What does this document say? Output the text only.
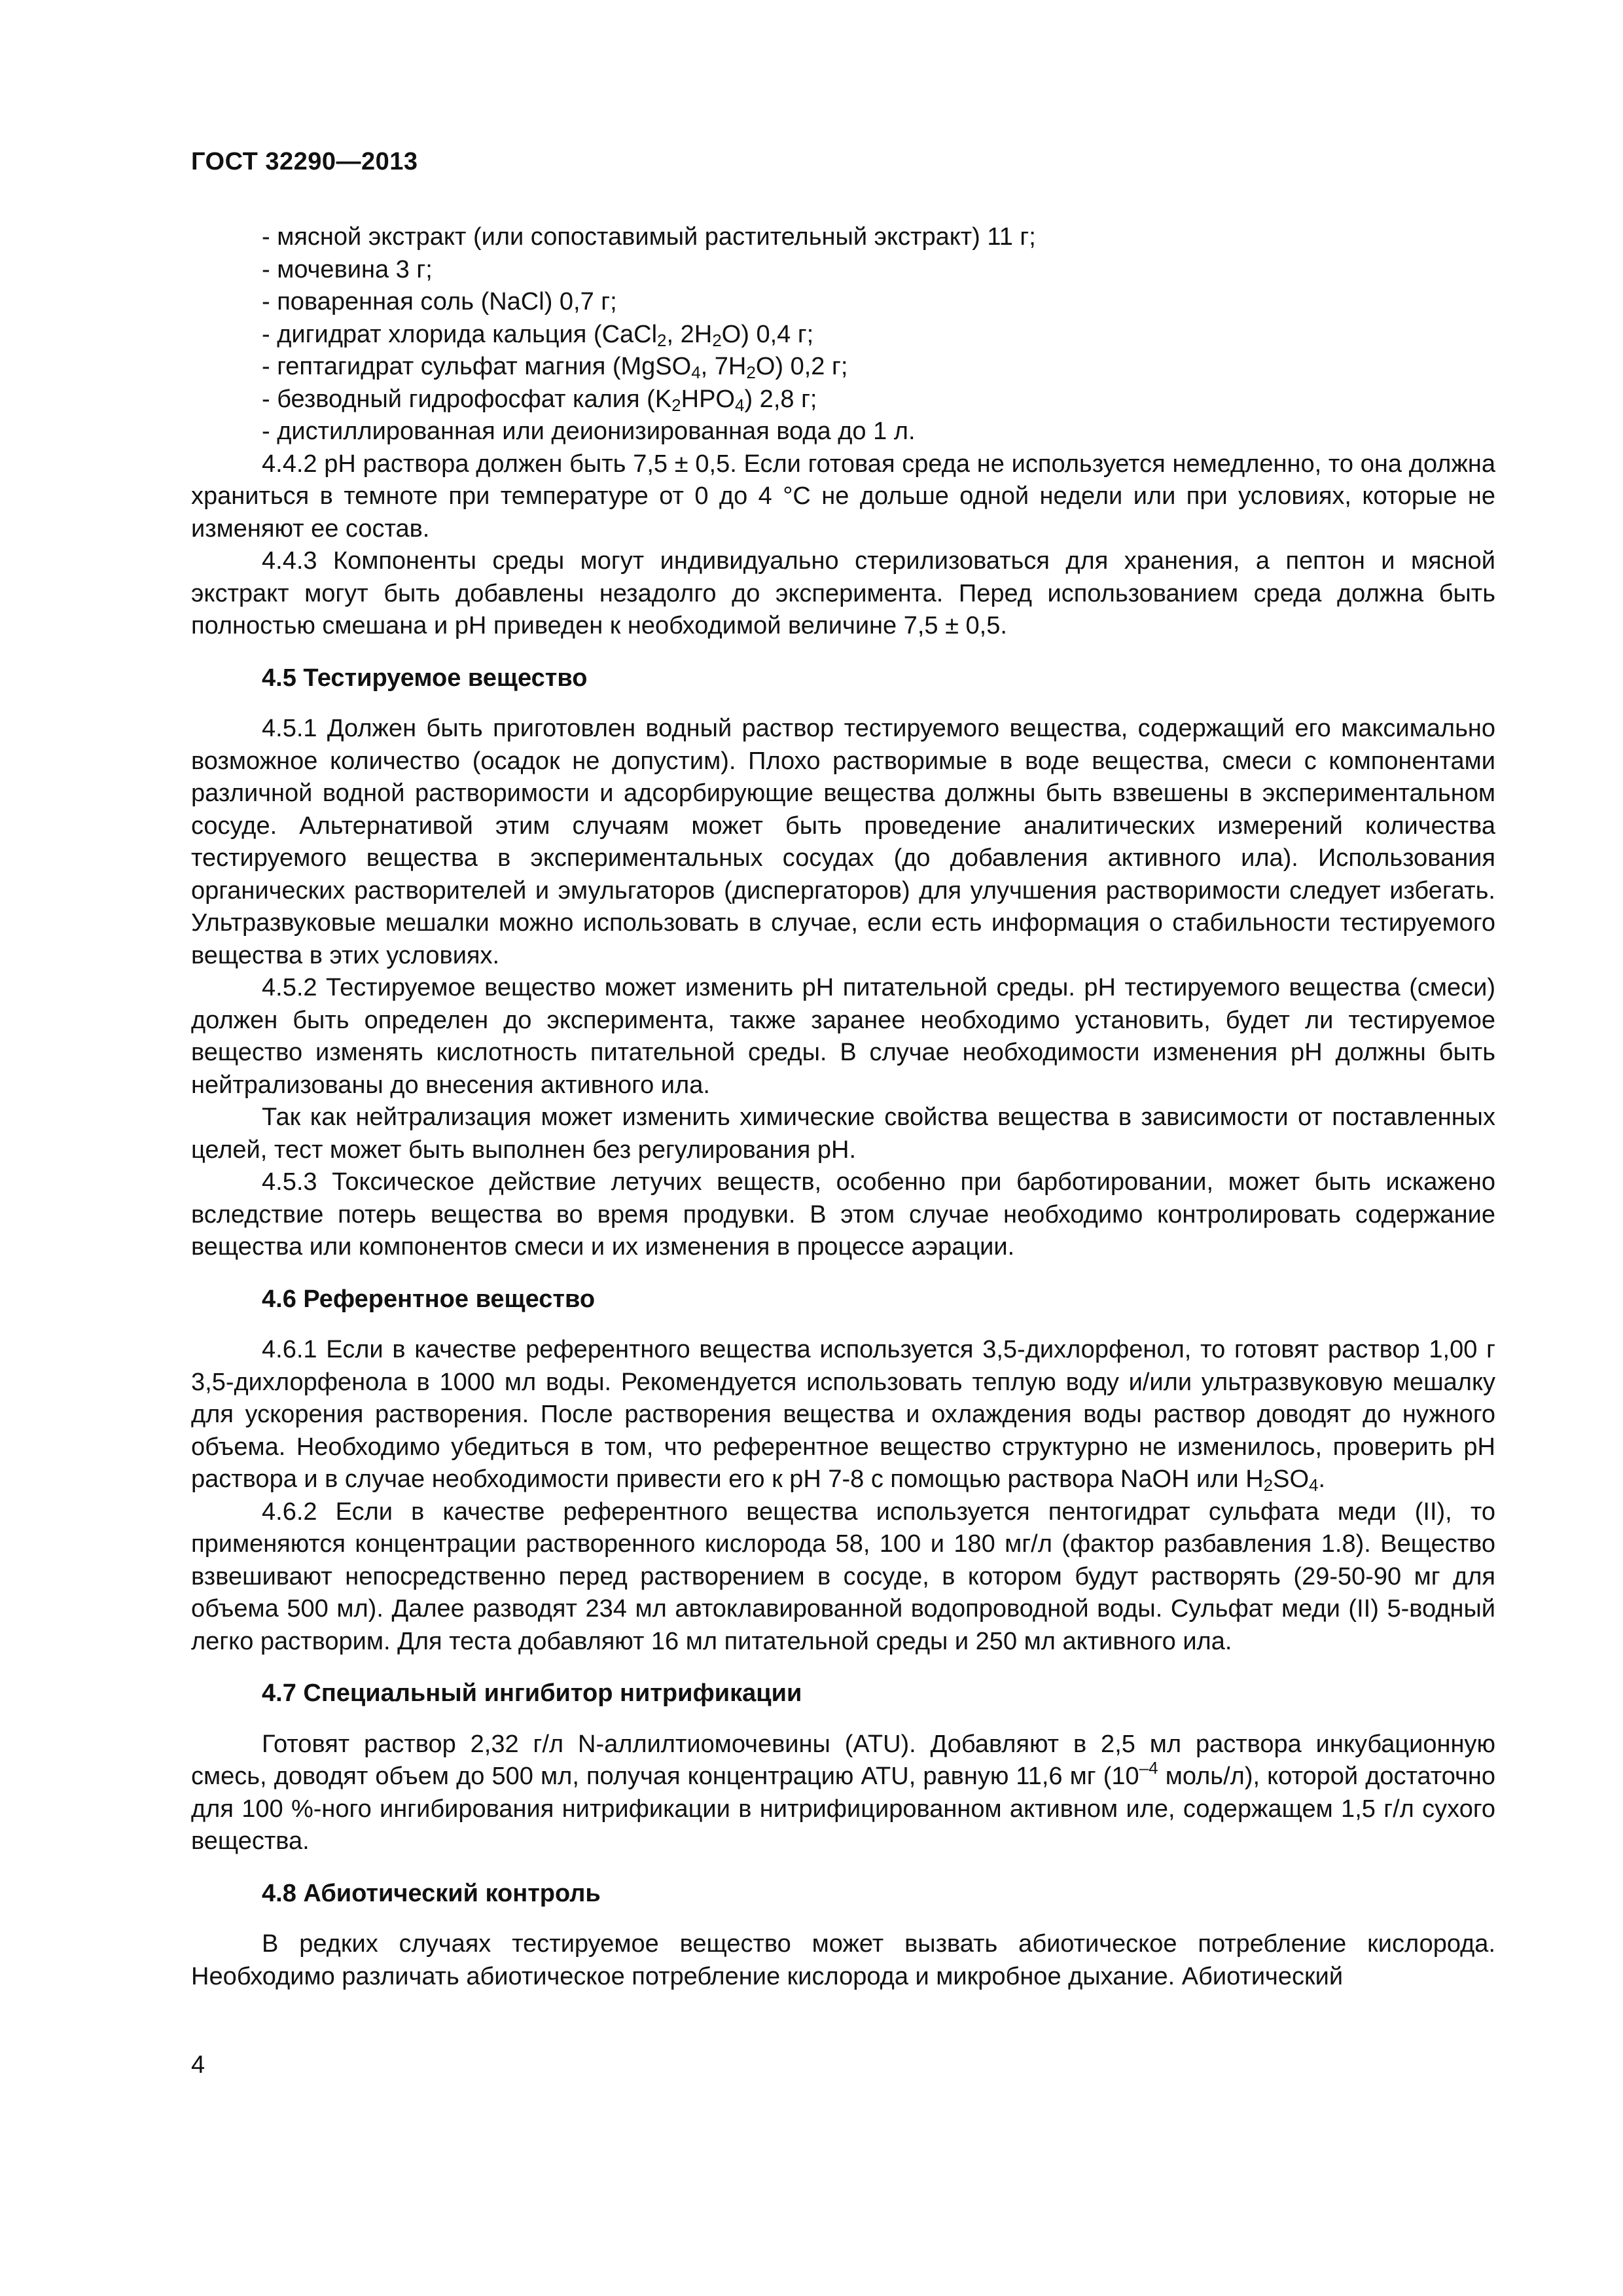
ГОСТ 32290—2013
- мясной экстракт (или сопоставимый растительный экстракт) 11 г;
- мочевина 3 г;
- поваренная соль (NaCl) 0,7 г;
- дигидрат хлорида кальция (CaCl$_2$, $2H_2O$) 0,4 г;
- гептагидрат сульфат магния (MgSO$_4$, $7H_2O$) 0,2 г;
- безводный гидрофосфат калия $(K_2HPO_4)$ 2,8 г;
- дистиллированная или деионизированная вода до 1 л.

4.4.2 pH раствора должен быть 7,5 ± 0,5. Если готовая среда не используется немедленно, то она должна храниться в темноте при температуре от 0 до 4 °C не дольше одной недели или при условиях, которые не изменяют ее состав.

4.4.3 Компоненты среды могут индивидуально стерилизоваться для хранения, а пептон и мясной экстракт могут быть добавлены незадолго до эксперимента. Перед использованием среда должна быть полностью смешана и pH приведен к необходимой величине 7,5 ± 0,5.

4.5 Тестируемое вещество

4.5.1 Должен быть приготовлен водный раствор тестируемого вещества, содержащий его максимально возможное количество (осадок не допустим). Плохо растворимые в воде вещества, смеси с компонентами различной водной растворимости и адсорбирующие вещества должны быть взвешены в экспериментальном сосуде. Альтернативой этим случаям может быть проведение аналитических измерений количества тестируемого вещества в экспериментальных сосудах (до добавления активного ила). Использования органических растворителей и эмульгаторов (диспергаторов) для улучшения растворимости следует избегать. Ультразвуковые мешалки можно использовать в случае, если есть информация о стабильности тестируемого вещества в этих условиях.

4.5.2 Тестируемое вещество может изменить pH питательной среды. pH тестируемого вещества (смеси) должен быть определен до эксперимента, также заранее необходимо установить, будет ли тестируемое вещество изменять кислотность питательной среды. В случае необходимости изменения pH должны быть нейтрализованы до внесения активного ила.

Так как нейтрализация может изменить химические свойства вещества в зависимости от поставленных целей, тест может быть выполнен без регулирования pH.

4.5.3 Токсическое действие летучих веществ, особенно при барботировании, может быть искажено вследствие потерь вещества во время продувки. В этом случае необходимо контролировать содержание вещества или компонентов смеси и их изменения в процессе аэрации.

4.6 Референтное вещество

4.6.1 Если в качестве референтного вещества используется 3,5-дихлорфенол, то готовят раствор 1,00 г 3,5-дихлорфенола в 1000 мл воды. Рекомендуется использовать теплую воду и/или ультразвуковую мешалку для ускорения растворения. После растворения вещества и охлаждения воды раствор доводят до нужного объема. Необходимо убедиться в том, что референтное вещество структурно не изменилось, проверить pH раствора и в случае необходимости привести его к pH 7-8 с помощью раствора NaOH или $H_2SO_4$.

4.6.2 Если в качестве референтного вещества используется пентогидрат сульфата меди (II), то применяются концентрации растворенного кислорода 58, 100 и 180 мг/л (фактор разбавления 1.8). Вещество взвешивают непосредственно перед растворением в сосуде, в котором будут растворять (29-50-90 мг для объема 500 мл). Далее разводят 234 мл автоклавированной водопроводной воды. Сульфат меди (II) 5-водный легко растворим. Для теста добавляют 16 мл питательной среды и 250 мл активного ила.

4.7 Специальный ингибитор нитрификации

Готовят раствор 2,32 г/л N-аллилтиомочевины (ATU). Добавляют в 2,5 мл раствора инкубационную смесь, доводят объем до 500 мл, получая концентрацию ATU, равную 11,6 мг ($10^{-4}$ моль/л), которой достаточно для 100 %-ного ингибирования нитрификации в нитрифицированном активном иле, содержащем 1,5 г/л сухого вещества.

4.8 Абиотический контроль

В редких случаях тестируемое вещество может вызвать абиотическое потребление кислорода. Необходимо различать абиотическое потребление кислорода и микробное дыхание. Абиотический

4
